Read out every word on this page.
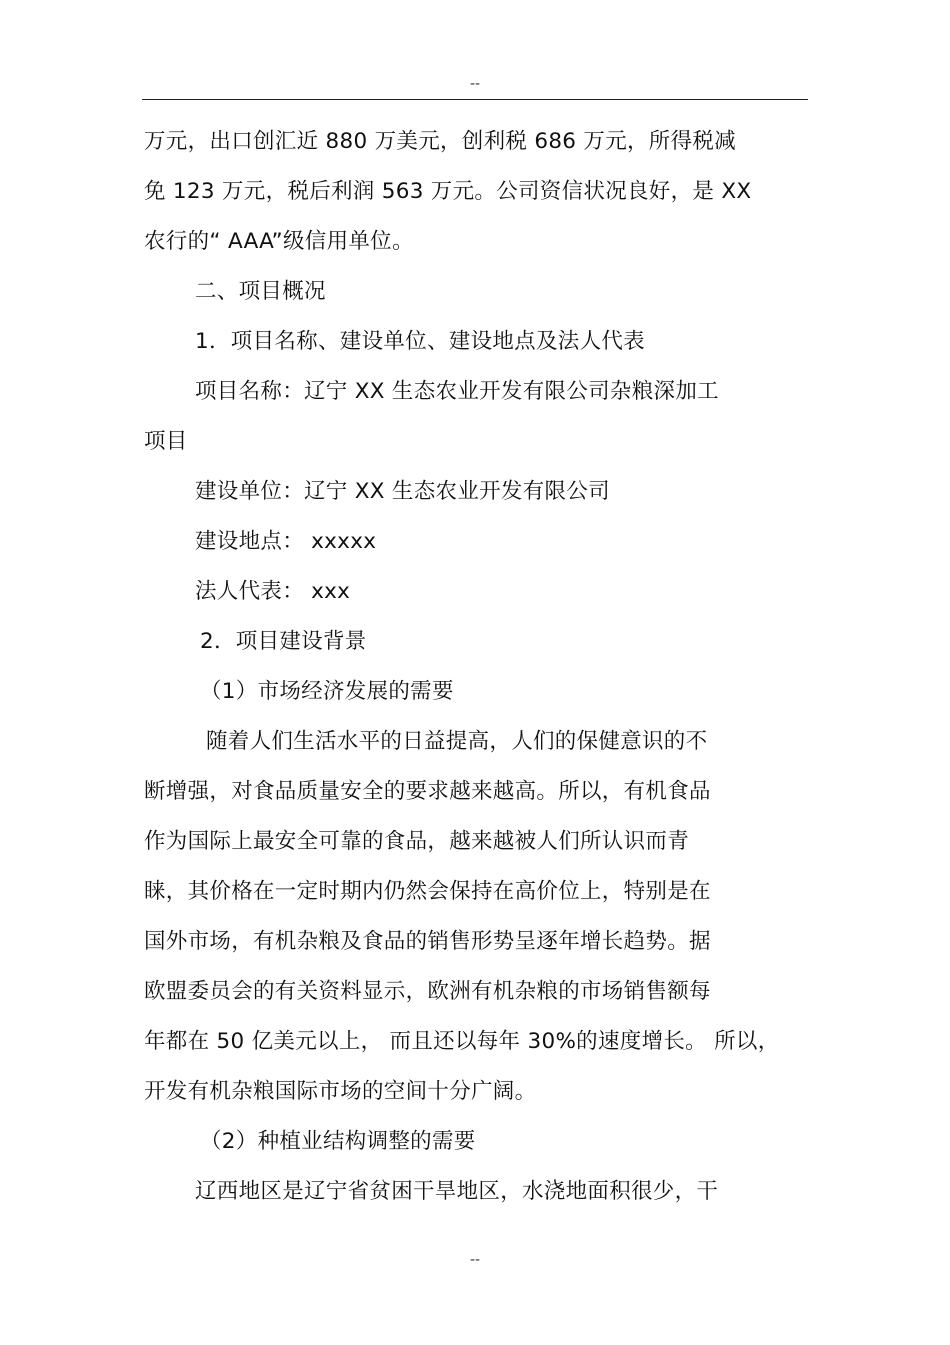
--
万元，出口创汇近 880 万美元，创利税 686 万元，所得税减
免 123 万元，税后利润 563 万元。公司资信状况良好，是 XX
农行的“ AAA”级信用单位。
二、项目概况
1．项目名称、建设单位、建设地点及法人代表
项目名称：辽宁 XX 生态农业开发有限公司杂粮深加工
项目
建设单位：辽宁 XX 生态农业开发有限公司
建设地点： xxxxx
法人代表： xxx
2．项目建设背景
（1）市场经济发展的需要
随着人们生活水平的日益提高，人们的保健意识的不
断增强，对食品质量安全的要求越来越高。所以，有机食品
作为国际上最安全可靠的食品，越来越被人们所认识而青
睐，其价格在一定时期内仍然会保持在高价位上，特别是在
国外市场，有机杂粮及食品的销售形势呈逐年增长趋势。据
欧盟委员会的有关资料显示，欧洲有机杂粮的市场销售额每
年都在 50 亿美元以上， 而且还以每年 30%的速度增长。 所以，
开发有机杂粮国际市场的空间十分广阔。
（2）种植业结构调整的需要
辽西地区是辽宁省贫困干旱地区，水浇地面积很少，干
--
